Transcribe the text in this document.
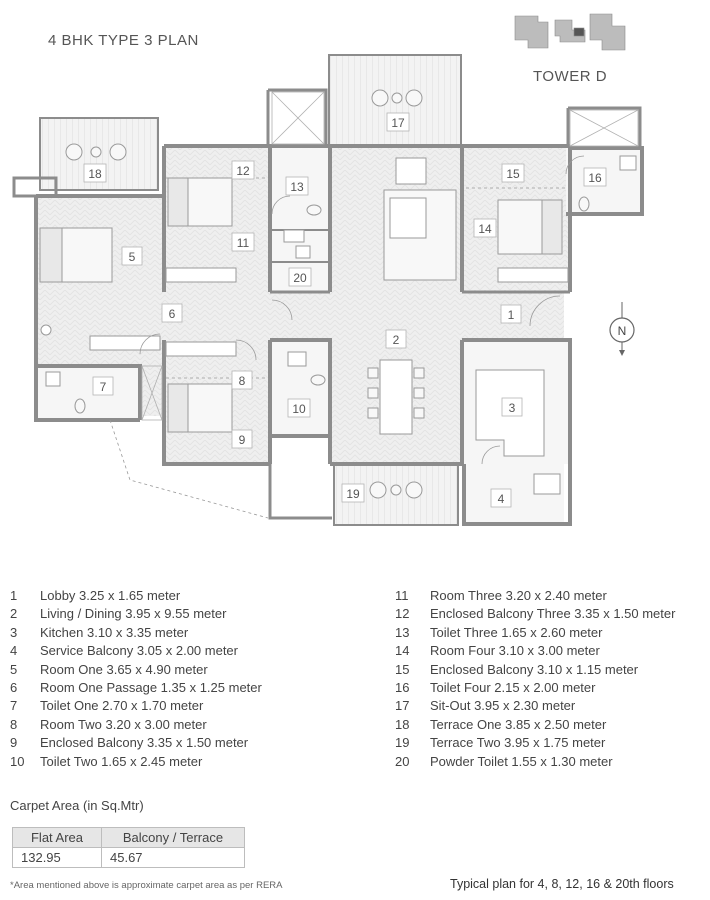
4 BHK TYPE 3 PLAN
TOWER D
N
1
2
3
4
5
6
7	8
9
10
11
12
13
14
15	16
17
18
19
20
1 Lobby 3.25 x 1.65 meter
2 Living / Dining 3.95 x 9.55 meter
3 Kitchen 3.10 x 3.35 meter
4 Service Balcony 3.05 x 2.00 meter
5 Room One 3.65 x 4.90 meter
6 Room One Passage 1.35 x 1.25 meter
7 Toilet One 2.70 x 1.70 meter
8 Room Two 3.20 x 3.00 meter
9 Enclosed Balcony 3.35 x 1.50 meter
10 Toilet Two 1.65 x 2.45 meter
11 Room Three 3.20 x 2.40 meter
12 Enclosed Balcony Three 3.35 x 1.50 meter
13 Toilet Three 1.65 x 2.60 meter
14 Room Four 3.10 x 3.00 meter
15 Enclosed Balcony 3.10 x 1.15 meter
16 Toilet Four 2.15 x 2.00 meter
17 Sit-Out 3.95 x 2.30 meter
18 Terrace One 3.85 x 2.50 meter
19 Terrace Two 3.95 x 1.75 meter
20 Powder Toilet 1.55 x 1.30 meter
Carpet Area (in Sq.Mtr)
Flat Area	Balcony / Terrace
132.95	45.67
*Area mentioned above is approximate carpet area as per RERA	Typical plan for 4, 8, 12, 16 & 20th floors
